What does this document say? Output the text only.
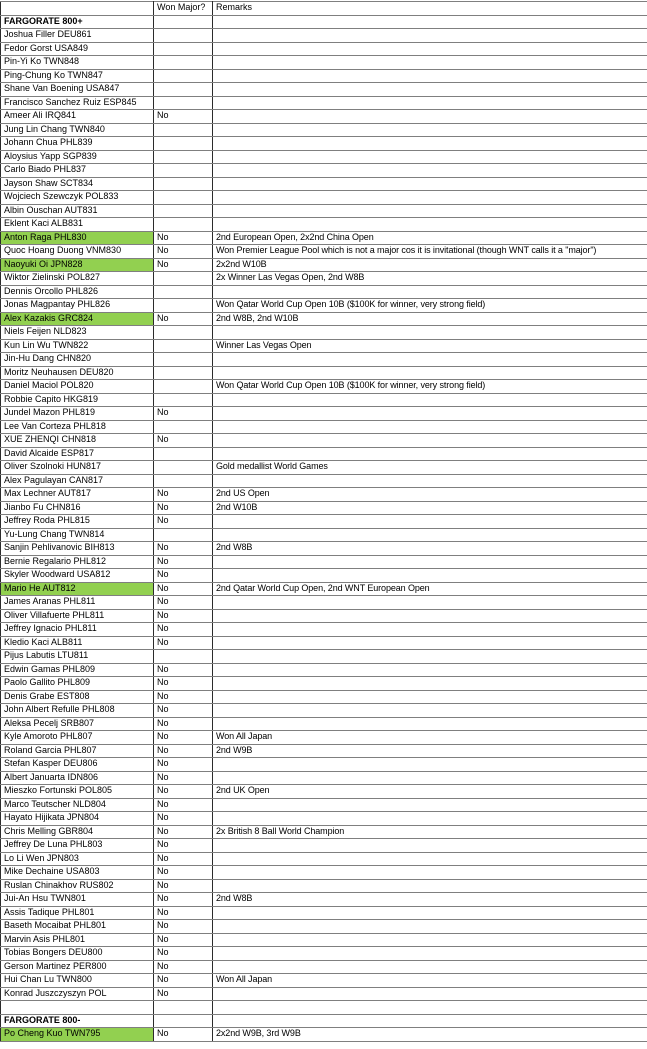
	Won Major?	Remarks
FARGORATE 800+		
Joshua Filler DEU861		
Fedor Gorst USA849		
Pin-Yi Ko TWN848		
Ping-Chung Ko TWN847		
Shane Van Boening USA847		
Francisco Sanchez Ruiz ESP845		
Ameer Ali IRQ841	No	
Jung Lin Chang TWN840		
Johann Chua PHL839		
Aloysius Yapp SGP839		
Carlo Biado PHL837		
Jayson Shaw SCT834		
Wojciech Szewczyk POL833		
Albin Ouschan AUT831		
Eklent Kaci ALB831		
Anton Raga PHL830	No	2nd European Open, 2x2nd China Open
Quoc Hoang Duong VNM830	No	Won Premier League Pool which is not a major cos it is invitational (though WNT calls it a "major")
Naoyuki Oi JPN828	No	2x2nd W10B
Wiktor Zielinski POL827		2x Winner Las Vegas Open, 2nd W8B
Dennis Orcollo PHL826		
Jonas Magpantay PHL826		Won Qatar World Cup Open 10B ($100K for winner, very strong field)
Alex Kazakis GRC824	No	2nd W8B, 2nd W10B
Niels Feijen NLD823		
Kun Lin Wu TWN822		Winner Las Vegas Open
Jin-Hu Dang CHN820		
Moritz Neuhausen DEU820		
Daniel Maciol POL820		Won Qatar World Cup Open 10B ($100K for winner, very strong field)
Robbie Capito HKG819		
Jundel Mazon PHL819	No	
Lee Van Corteza PHL818		
XUE ZHENQI CHN818	No	
David Alcaide ESP817		
Oliver Szolnoki HUN817		Gold medallist World Games
Alex Pagulayan CAN817		
Max Lechner AUT817	No	2nd US Open
Jianbo Fu CHN816	No	2nd W10B
Jeffrey Roda PHL815	No	
Yu-Lung Chang TWN814		
Sanjin Pehlivanovic BIH813	No	2nd W8B
Bernie Regalario PHL812	No	
Skyler Woodward USA812	No	
Mario He AUT812	No	2nd Qatar World Cup Open, 2nd WNT European Open
James Aranas PHL811	No	
Oliver Villafuerte PHL811	No	
Jeffrey Ignacio PHL811	No	
Kledio Kaci ALB811	No	
Pijus Labutis LTU811		
Edwin Gamas PHL809	No	
Paolo Gallito PHL809	No	
Denis Grabe EST808	No	
John Albert Refulle PHL808	No	
Aleksa Pecelj SRB807	No	
Kyle Amoroto PHL807	No	Won All Japan
Roland Garcia PHL807	No	2nd W9B
Stefan Kasper DEU806	No	
Albert Januarta IDN806	No	
Mieszko Fortunski POL805	No	2nd UK Open
Marco Teutscher NLD804	No	
Hayato Hijikata JPN804	No	
Chris Melling GBR804	No	2x British 8 Ball World Champion
Jeffrey De Luna PHL803	No	
Lo Li Wen JPN803	No	
Mike Dechaine USA803	No	
Ruslan Chinakhov RUS802	No	
Jui-An Hsu TWN801	No	2nd W8B
Assis Tadique PHL801	No	
Baseth Mocaibat PHL801	No	
Marvin Asis PHL801	No	
Tobias Bongers DEU800	No	
Gerson Martinez PER800	No	
Hui Chan Lu TWN800	No	Won All Japan
Konrad Juszczyszyn POL	No	

FARGORATE 800-		
Po Cheng Kuo TWN795	No	2x2nd W9B, 3rd W9B
